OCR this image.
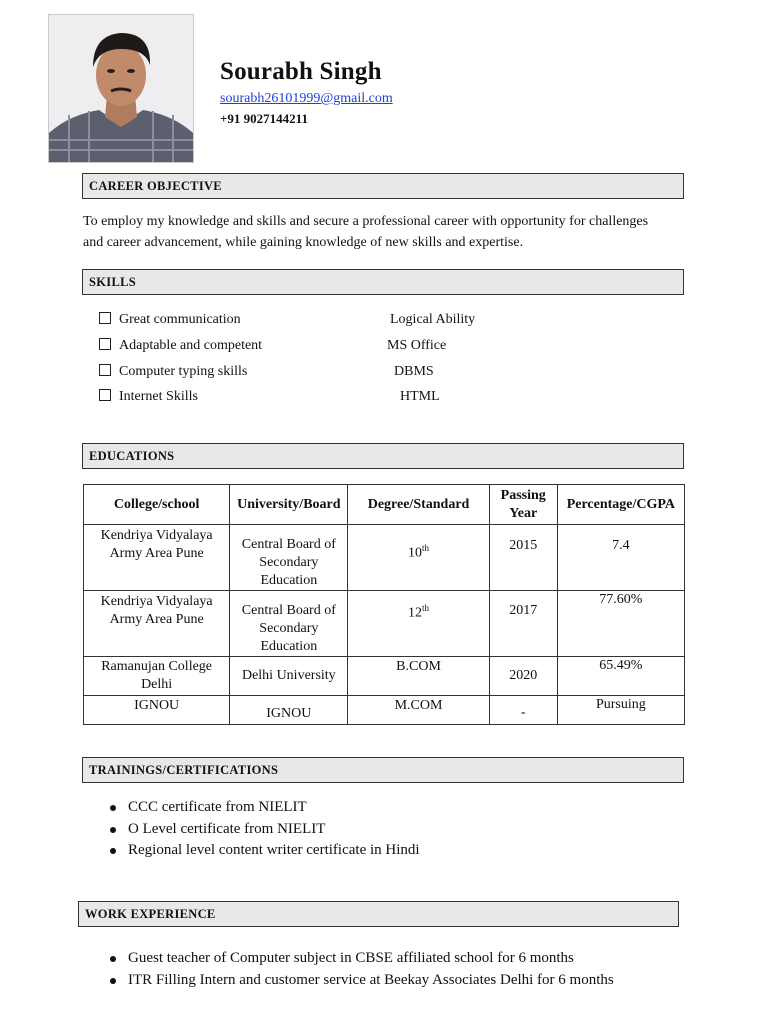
Sourabh Singh
sourabh26101999@gmail.com
+91 9027144211
CAREER OBJECTIVE
To employ my knowledge and skills and secure a professional career with opportunity for challenges
and career advancement, while gaining knowledge of new skills and expertise.
SKILLS
Great communication
Adaptable and competent
Computer typing skills
Internet Skills
Logical Ability
MS Office
DBMS
HTML
EDUCATIONS
College/school	University/Board	Degree/Standard	Passing Year	Percentage/CGPA
Kendriya Vidyalaya Army Area Pune	Central Board of Secondary Education	10th	2015	7.4
Kendriya Vidyalaya Army Area Pune	Central Board of Secondary Education	12th	2017	77.60%
Ramanujan College Delhi	Delhi University	B.COM	2020	65.49%
IGNOU	IGNOU	M.COM	-	Pursuing
TRAININGS/CERTIFICATIONS
CCC certificate from NIELIT
O Level certificate from NIELIT
Regional level content writer certificate in Hindi
WORK EXPERIENCE
Guest teacher of Computer subject in CBSE affiliated school for 6 months
ITR Filling Intern and customer service at Beekay Associates Delhi for 6 months
